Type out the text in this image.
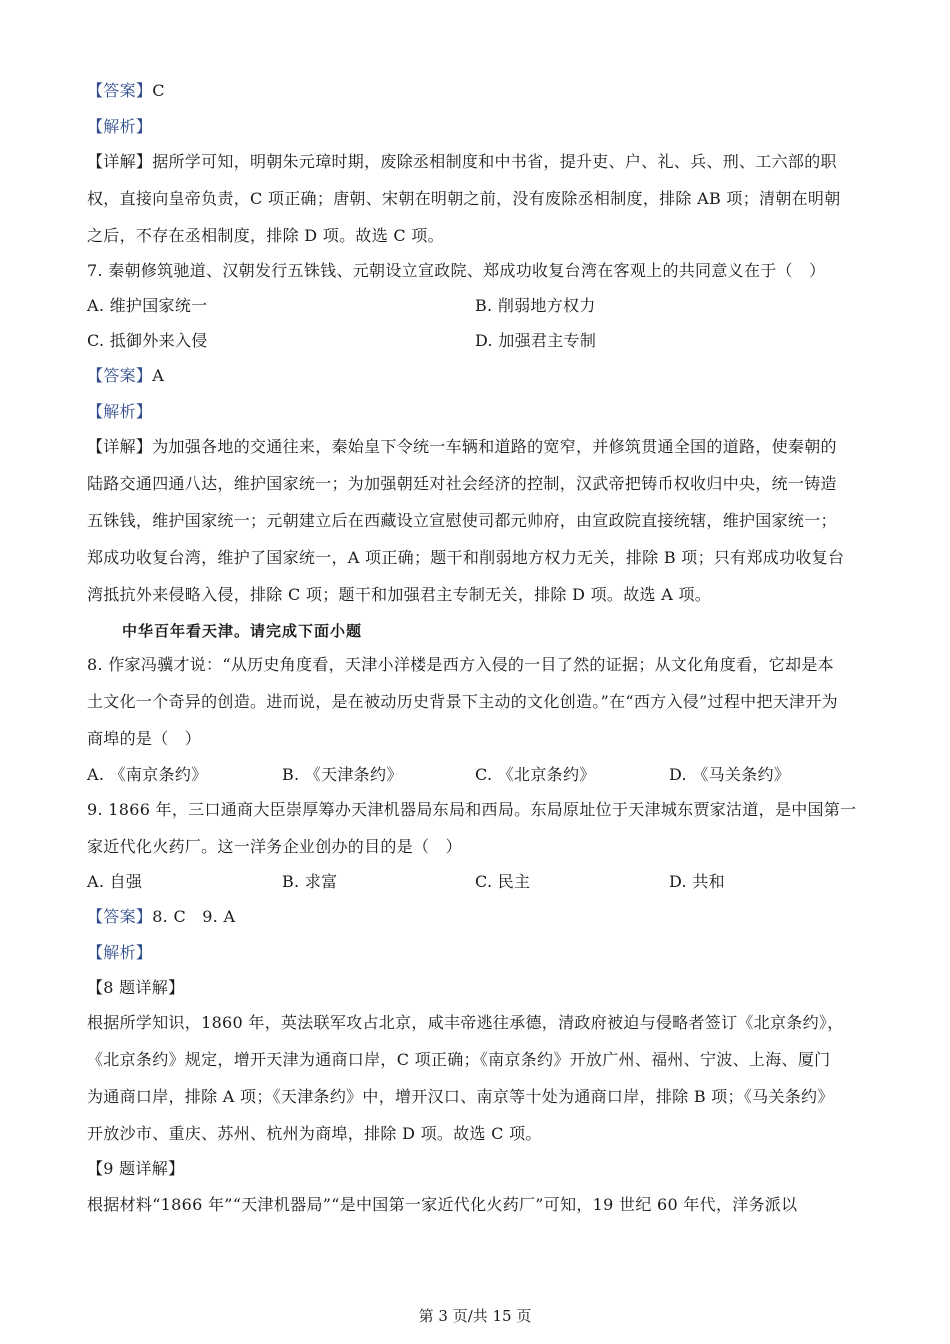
【答案】C
【解析】
【详解】据所学可知，明朝朱元璋时期，废除丞相制度和中书省，提升吏、户、礼、兵、刑、工六部的职
权，直接向皇帝负责，C 项正确；唐朝、宋朝在明朝之前，没有废除丞相制度，排除 AB 项；清朝在明朝
之后，不存在丞相制度，排除 D 项。故选 C 项。
7. 秦朝修筑驰道、汉朝发行五铢钱、元朝设立宣政院、郑成功收复台湾在客观上的共同意义在于（　）
A. 维护国家统一	B. 削弱地方权力
C. 抵御外来入侵	D. 加强君主专制
【答案】A
【解析】
【详解】为加强各地的交通往来，秦始皇下令统一车辆和道路的宽窄，并修筑贯通全国的道路，使秦朝的
陆路交通四通八达，维护国家统一；为加强朝廷对社会经济的控制，汉武帝把铸币权收归中央，统一铸造
五铢钱，维护国家统一；元朝建立后在西藏设立宣慰使司都元帅府，由宣政院直接统辖，维护国家统一；
郑成功收复台湾，维护了国家统一，A 项正确；题干和削弱地方权力无关，排除 B 项；只有郑成功收复台
湾抵抗外来侵略入侵，排除 C 项；题干和加强君主专制无关，排除 D 项。故选 A 项。
中华百年看天津。请完成下面小题
8. 作家冯骥才说：“从历史角度看，天津小洋楼是西方入侵的一目了然的证据；从文化角度看，它却是本
土文化一个奇异的创造。进而说，是在被动历史背景下主动的文化创造。”在“西方入侵”过程中把天津开为
商埠的是（　）
A. 《南京条约》	B. 《天津条约》	C. 《北京条约》	D. 《马关条约》
9. 1866 年，三口通商大臣崇厚筹办天津机器局东局和西局。东局原址位于天津城东贾家沽道，是中国第一
家近代化火药厂。这一洋务企业创办的目的是（　）
A. 自强	B. 求富	C. 民主	D. 共和
【答案】8. C　9. A
【解析】
【8 题详解】
根据所学知识，1860 年，英法联军攻占北京，咸丰帝逃往承德，清政府被迫与侵略者签订《北京条约》，
《北京条约》规定，增开天津为通商口岸，C 项正确；《南京条约》开放广州、福州、宁波、上海、厦门
为通商口岸，排除 A 项；《天津条约》中，增开汉口、南京等十处为通商口岸，排除 B 项；《马关条约》
开放沙市、重庆、苏州、杭州为商埠，排除 D 项。故选 C 项。
【9 题详解】
根据材料“1866 年”“天津机器局”“是中国第一家近代化火药厂”可知，19 世纪 60 年代，洋务派以
第 3 页/共 15 页
